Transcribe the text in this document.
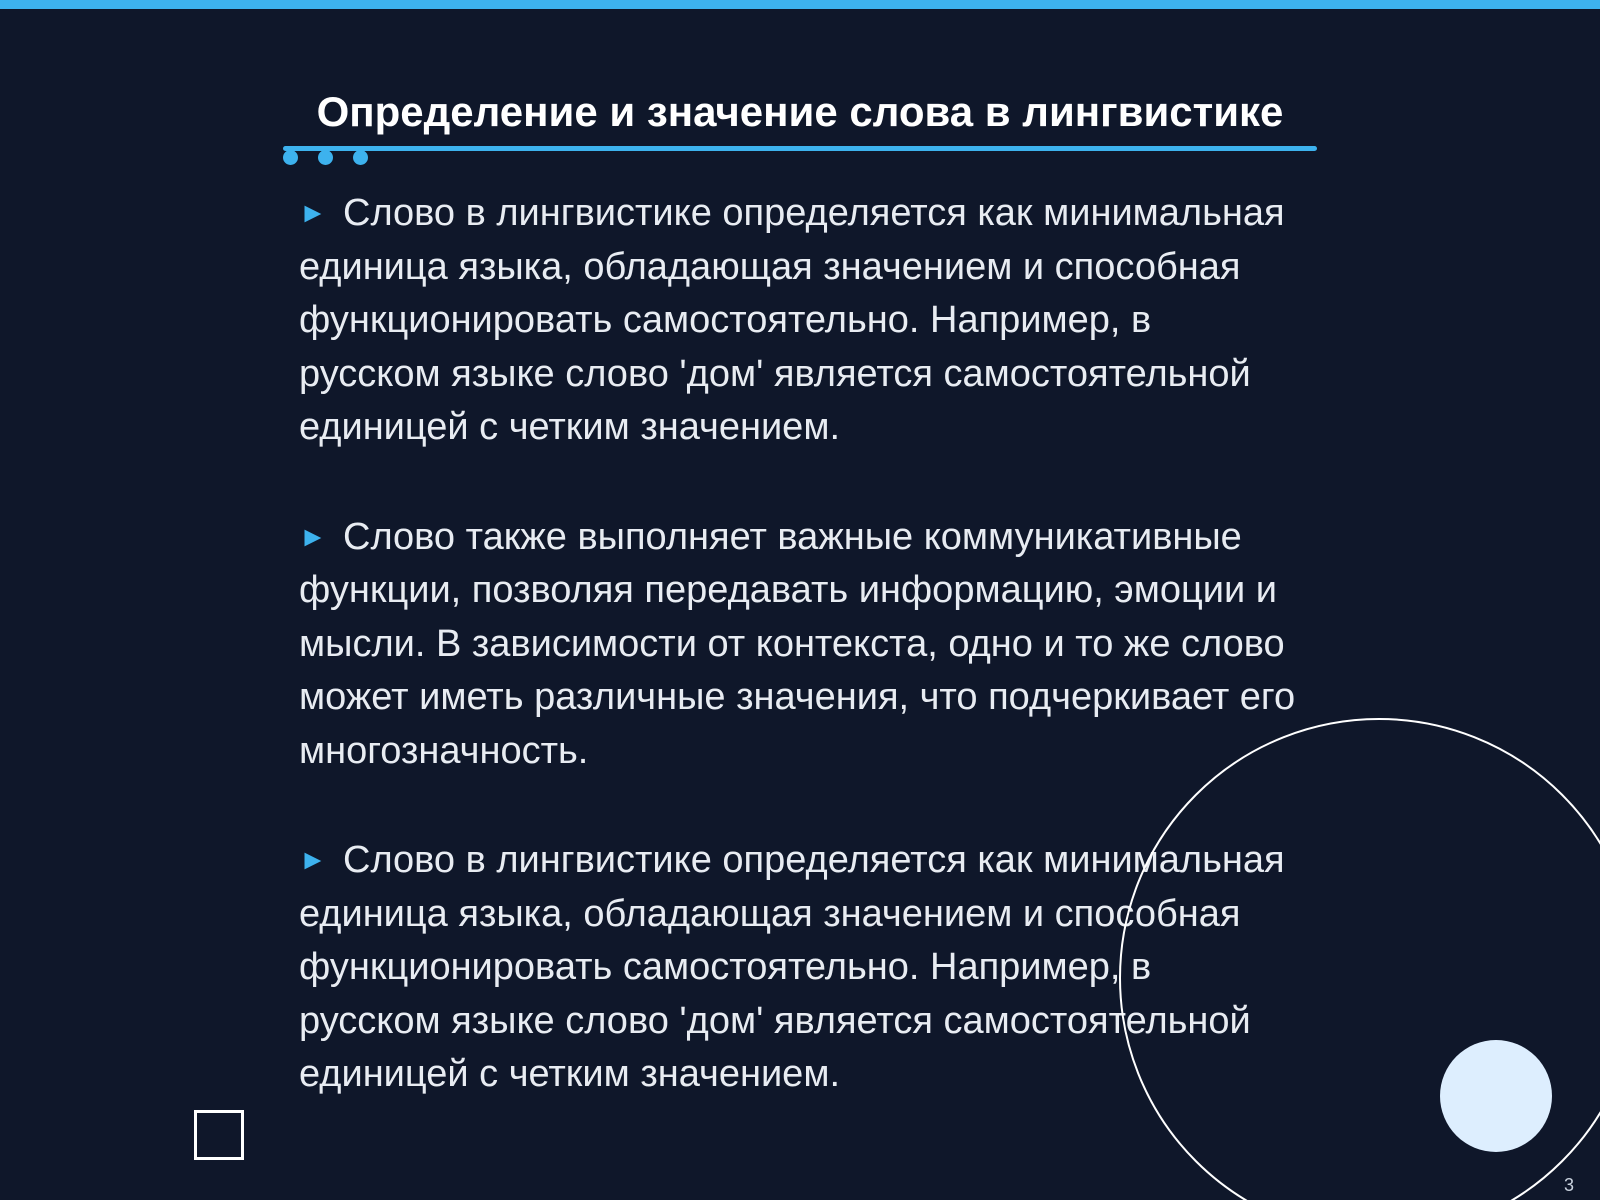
Определение и значение слова в лингвистике
► Слово в лингвистике определяется как минимальная единица языка, обладающая значением и способная функционировать самостоятельно. Например, в русском языке слово 'дом' является самостоятельной единицей с четким значением.
► Слово также выполняет важные коммуникативные функции, позволяя передавать информацию, эмоции и мысли. В зависимости от контекста, одно и то же слово может иметь различные значения, что подчеркивает его многозначность.
► Слово в лингвистике определяется как минимальная единица языка, обладающая значением и способная функционировать самостоятельно. Например, в русском языке слово 'дом' является самостоятельной единицей с четким значением.
3
